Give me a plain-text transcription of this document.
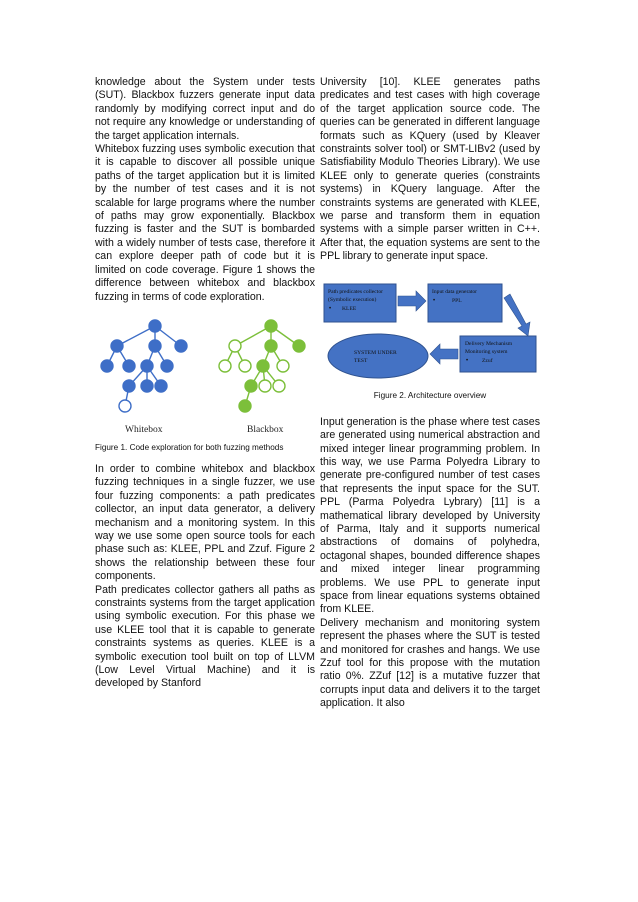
knowledge about the System under tests (SUT). Blackbox fuzzers generate input data randomly by modifying correct input and do not require any knowledge or understanding of the target application internals.

Whitebox fuzzing uses symbolic execution that it is capable to discover all possible unique paths of the target application but it is limited by the number of test cases and it is not scalable for large programs where the number of paths may grow exponentially. Blackbox fuzzing is faster and the SUT is bombarded with a widely number of tests case, therefore it can explore deeper path of code but it is limited on code coverage. Figure 1 shows the difference between whitebox and blackbox fuzzing in terms of code exploration.

Whitebox	Blackbox

Figure 1. Code exploration for both fuzzing methods

In order to combine whitebox and blackbox fuzzing techniques in a single fuzzer, we use four fuzzing components: a path predicates collector, an input data generator, a delivery mechanism and a monitoring system. In this way we use some open source tools for each phase such as: KLEE, PPL and Zzuf. Figure 2 shows the relationship between these four components.

Path predicates collector gathers all paths as constraints systems from the target application using symbolic execution. For this phase we use KLEE tool that it is capable to generate constraints systems as queries. KLEE is a symbolic execution tool built on top of LLVM (Low Level Virtual Machine) and it is developed by Stanford

University [10]. KLEE generates paths predicates and test cases with high coverage of the target application source code. The queries can be generated in different language formats such as KQuery (used by Kleaver constraints solver tool) or SMT-LIBv2 (used by Satisfiability Modulo Theories Library). We use KLEE only to generate queries (constraints systems) in KQuery language. After the constraints systems are generated with KLEE, we parse and transform them in equation systems with a simple parser written in C++. After that, the equation systems are sent to the PPL library to generate input space.

Path predicates collector
(Symbolic execution)
• KLEE
Input data generator
•	PPL
Delivery Mechanism
Monitoring system
• Zzuf
SYSTEM UNDER
TEST

Figure 2. Architecture overview

Input generation is the phase where test cases are generated using numerical abstraction and mixed integer linear programming problem. In this way, we use Parma Polyedra Library to generate pre-configured number of test cases that represents the input space for the SUT. PPL (Parma Polyedra Lybrary) [11] is a mathematical library developed by University of Parma, Italy and it supports numerical abstractions of domains of polyhedra, octagonal shapes, bounded difference shapes and mixed integer linear programming problems. We use PPL to generate input space from linear equations systems obtained from KLEE.

Delivery mechanism and monitoring system represent the phases where the SUT is tested and monitored for crashes and hangs. We use Zzuf tool for this propose with the mutation ratio 0%. ZZuf [12] is a mutative fuzzer that corrupts input data and delivers it to the target application. It also
